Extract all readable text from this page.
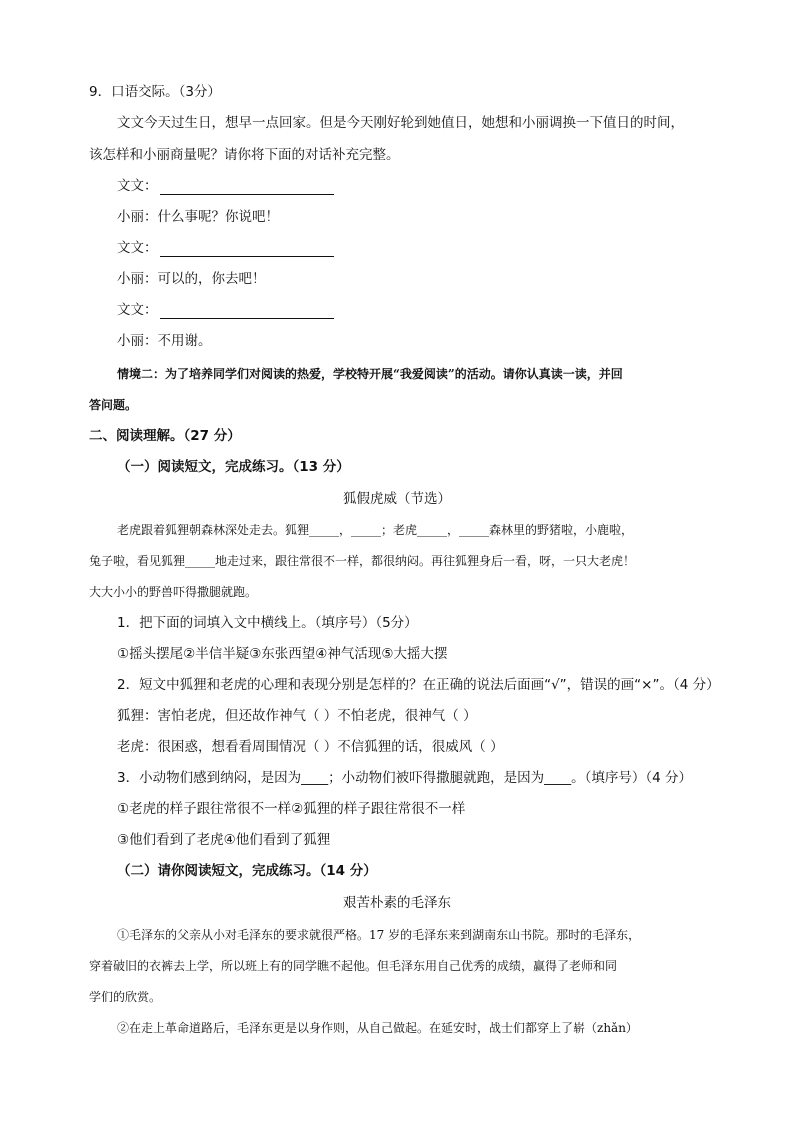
9．口语交际。（3分）
文文今天过生日，想早一点回家。但是今天刚好轮到她值日，她想和小丽调换一下值日的时间，
该怎样和小丽商量呢？请你将下面的对话补充完整。
文文：
小丽：什么事呢？你说吧！
文文：
小丽：可以的，你去吧！
文文：
小丽：不用谢。
情境二：为了培养同学们对阅读的热爱，学校特开展“我爱阅读”的活动。请你认真读一读，并回
答问题。
二、阅读理解。（27 分）
（一）阅读短文，完成练习。（13 分）
狐假虎威（节选）
老虎跟着狐狸朝森林深处走去。狐狸_____，_____；老虎_____，_____森林里的野猪啦，小鹿啦，
兔子啦，看见狐狸_____地走过来，跟往常很不一样，都很纳闷。再往狐狸身后一看，呀，一只大老虎！
大大小小的野兽吓得撒腿就跑。
1．把下面的词填入文中横线上。（填序号）（5分）
①摇头摆尾②半信半疑③东张西望④神气活现⑤大摇大摆
2．短文中狐狸和老虎的心理和表现分别是怎样的？在正确的说法后面画“√”，错误的画“×”。（4 分）
狐狸：害怕老虎，但还故作神气（ ）不怕老虎，很神气（ ）
老虎：很困惑，想看看周围情况（ ）不信狐狸的话，很威风（ ）
3．小动物们感到纳闷，是因为____；小动物们被吓得撒腿就跑，是因为____。（填序号）（4 分）
①老虎的样子跟往常很不一样②狐狸的样子跟往常很不一样
③他们看到了老虎④他们看到了狐狸
（二）请你阅读短文，完成练习。（14 分）
艰苦朴素的毛泽东
①毛泽东的父亲从小对毛泽东的要求就很严格。17 岁的毛泽东来到湖南东山书院。那时的毛泽东，
穿着破旧的衣裤去上学，所以班上有的同学瞧不起他。但毛泽东用自己优秀的成绩，赢得了老师和同
学们的欣赏。
②在走上革命道路后，毛泽东更是以身作则，从自己做起。在延安时，战士们都穿上了崭（zhǎn）
